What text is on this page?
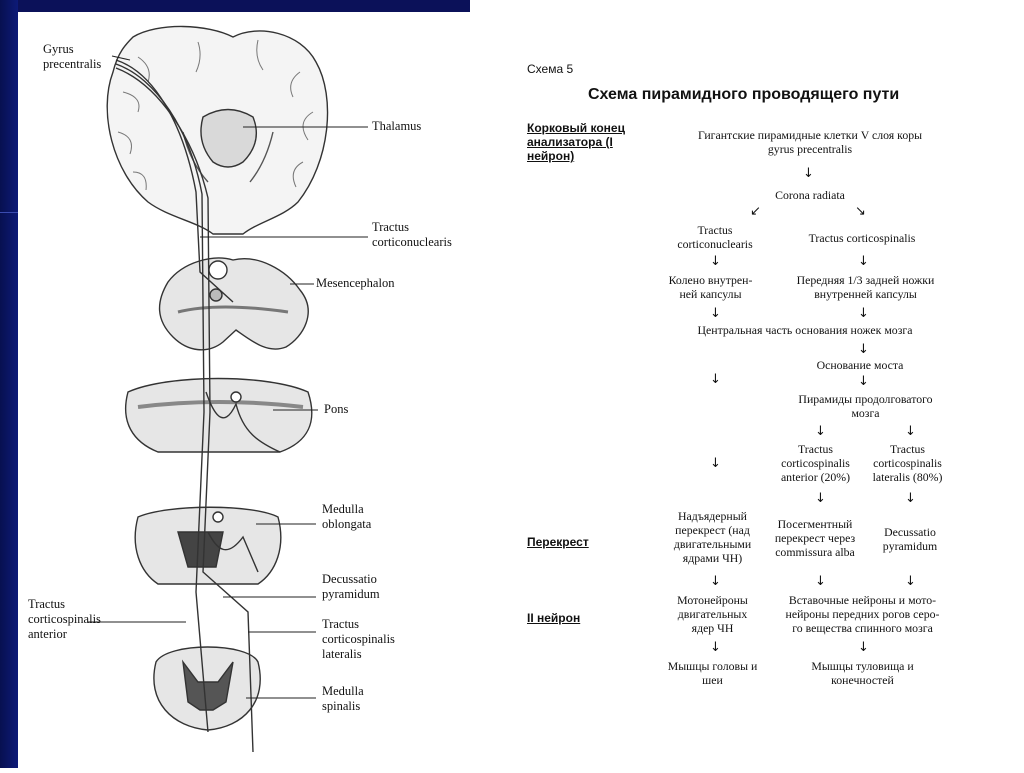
Gyrus
precentralis
Thalamus
Tractus
corticonuclearis
Mesencephalon
Pons
Medulla
oblongata
Decussatio
pyramidum
Tractus
corticospinalis
anterior
Tractus
corticospinalis
lateralis
Medulla
spinalis
Схема 5
Схема пирамидного проводящего пути
Корковый конец
анализатора (I
нейрон)
Перекрест
II нейрон
Гигантские пирамидные клетки V слоя коры
gyrus precentralis
↓
Corona radiata
↙	↘
Tractus
corticonuclearis	Tractus corticospinalis
↓	↓
Колено внутрен-
ней капсулы
Передняя 1/3 задней ножки
внутренней капсулы
↓	↓
Центральная часть основания ножек мозга
↓
Основание моста
↓	↓
Пирамиды продолговатого
мозга
↓	↓
Tractus
corticospinalis
anterior (20%)
Tractus
corticospinalis
lateralis (80%)
↓
↓	↓
Надъядерный
перекрест (над
двигательными
ядрами ЧН)
Посегментный
перекрест через
commissura alba
Decussatio
pyramidum
↓	↓	↓
Мотонейроны
двигательных
ядер ЧН
Вставочные нейроны и мото-
нейроны передних рогов серо-
го вещества спинного мозга
↓	↓
Мышцы головы и
шеи
Мышцы туловища и
конечностей
